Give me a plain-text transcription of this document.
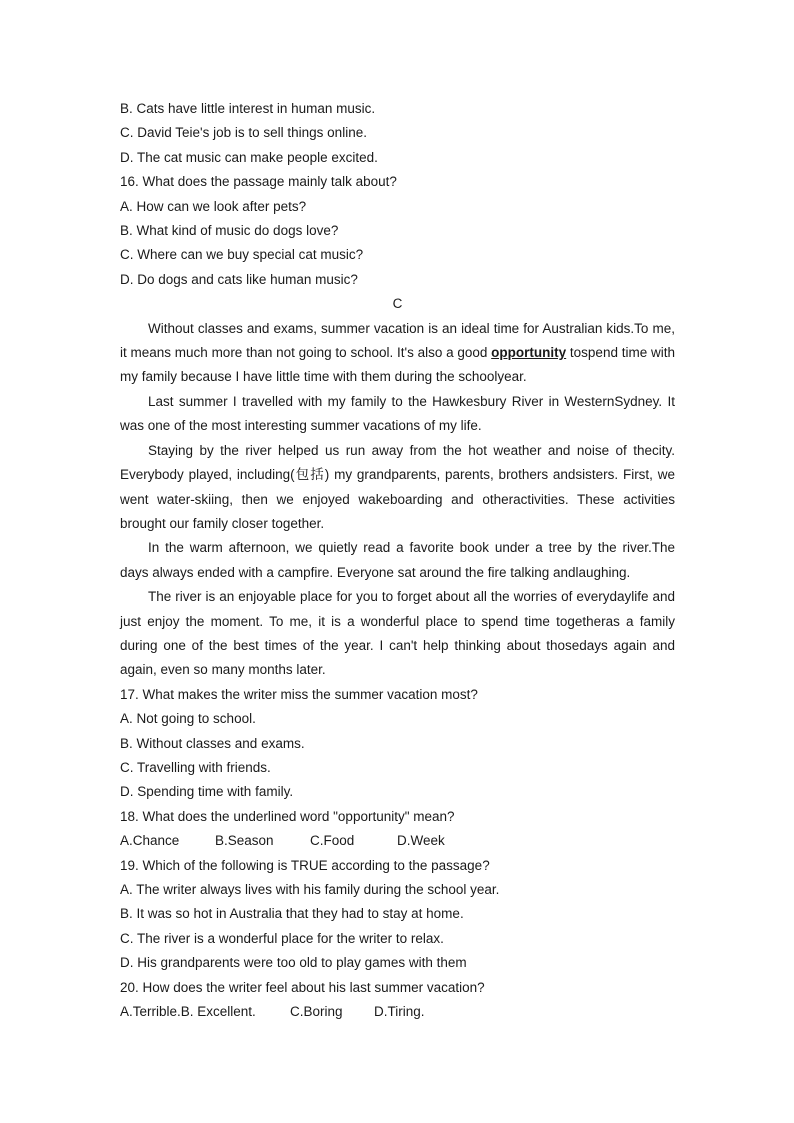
B. Cats have little interest in human music.
C. David Teie's job is to sell things online.
D. The cat music can make people excited.
16. What does the passage mainly talk about?
A. How can we look after pets?
B. What kind of music do dogs love?
C. Where can we buy special cat music?
D. Do dogs and cats like human music?
C
Without classes and exams, summer vacation is an ideal time for Australian kids.To me, it means much more than not going to school. It's also a good opportunity tospend time with my family because I have little time with them during the schoolyear.
Last summer I travelled with my family to the Hawkesbury River in WesternSydney. It was one of the most interesting summer vacations of my life.
Staying by the river helped us run away from the hot weather and noise of thecity. Everybody played, including(包括) my grandparents, parents, brothers andsisters. First, we went water-skiing, then we enjoyed wakeboarding and otheractivities. These activities brought our family closer together.
In the warm afternoon, we quietly read a favorite book under a tree by the river.The days always ended with a campfire. Everyone sat around the fire talking andlaughing.
The river is an enjoyable place for you to forget about all the worries of everydaylife and just enjoy the moment. To me, it is a wonderful place to spend time togetheras a family during one of the best times of the year. I can't help thinking about thosedays again and again, even so many months later.
17. What makes the writer miss the summer vacation most?
A. Not going to school.
B. Without classes and exams.
C. Travelling with friends.
D. Spending time with family.
18. What does the underlined word "opportunity" mean?
A.Chance	B.Season	C.Food	D.Week
19. Which of the following is TRUE according to the passage?
A. The writer always lives with his family during the school year.
B. It was so hot in Australia that they had to stay at home.
C. The river is a wonderful place for the writer to relax.
D. His grandparents were too old to play games with them
20. How does the writer feel about his last summer vacation?
A.Terrible.B. Excellent.	C.Boring D.Tiring.
